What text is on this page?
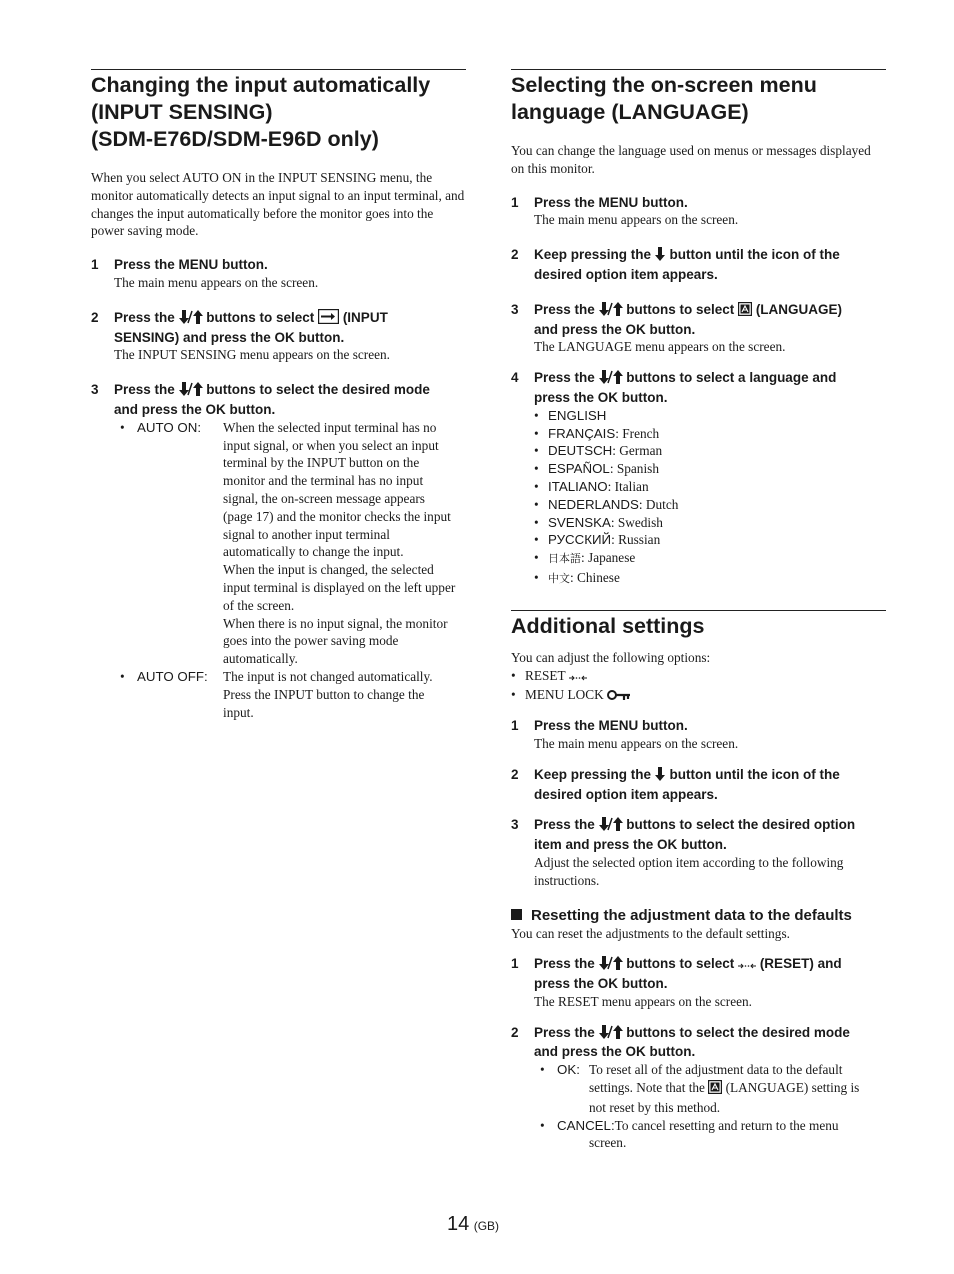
Changing the input automatically
(INPUT SENSING)
(SDM-E76D/SDM-E96D only)

When you select AUTO ON in the INPUT SENSING menu, the monitor automatically detects an input signal to an input terminal, and changes the input automatically before the monitor goes into the power saving mode.

1 Press the MENU button.
The main menu appears on the screen.
2 Press the  buttons to select  (INPUT
SENSING) and press the OK button.
The INPUT SENSING menu appears on the screen.
3 Press the  buttons to select the desired mode
and press the OK button.
• AUTO ON:	When the selected input terminal has no
input signal, or when you select an input
terminal by the INPUT button on the
monitor and the terminal has no input
signal, the on-screen message appears
(page 17) and the monitor checks the input
signal to another input terminal
automatically to change the input.
When the input is changed, the selected
input terminal is displayed on the left upper
of the screen.
When there is no input signal, the monitor
goes into the power saving mode
automatically.
• AUTO OFF:	The input is not changed automatically.
Press the INPUT button to change the
input.
Selecting the on-screen menu
language (LANGUAGE)

You can change the language used on menus or messages displayed on this monitor.

1 Press the MENU button.
The main menu appears on the screen.
2 Keep pressing the  button until the icon of the
desired option item appears.
3 Press the  buttons to select  (LANGUAGE)
and press the OK button.
The LANGUAGE menu appears on the screen.
4 Press the  buttons to select a language and
press the OK button.
• ENGLISH
• FRANÇAIS: French
• DEUTSCH: German
• ESPAÑOL: Spanish
• ITALIANO: Italian
• NEDERLANDS: Dutch
• SVENSKA: Swedish
• РУССКИЙ: Russian
• 日本語: Japanese
• 中文: Chinese
Additional settings

You can adjust the following options:

• RESET
• MENU LOCK
1 Press the MENU button.
The main menu appears on the screen.
2 Keep pressing the  button until the icon of the
desired option item appears.
3 Press the  buttons to select the desired option
item and press the OK button.
Adjust the selected option item according to the following instructions.
Resetting the adjustment data to the defaults

You can reset the adjustments to the default settings.

1 Press the  buttons to select  (RESET) and
press the OK button.
The RESET menu appears on the screen.
2 Press the  buttons to select the desired mode
and press the OK button.
• OK: To reset all of the adjustment data to the default
settings. Note that the  (LANGUAGE) setting is
not reset by this method.
• CANCEL:To cancel resetting and return to the menu
screen.
14 (GB)
